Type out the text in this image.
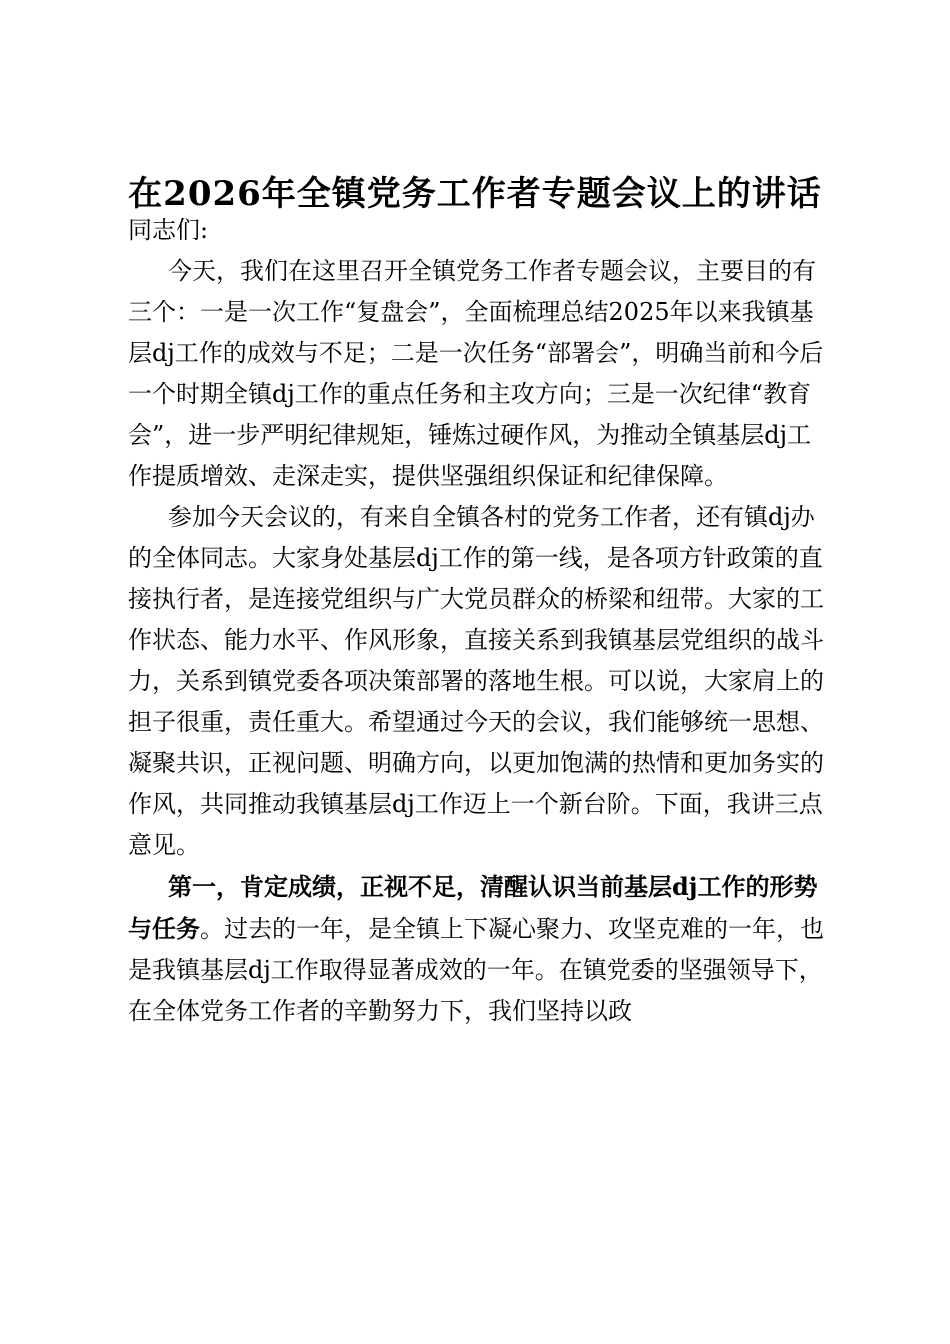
在2026年全镇党务工作者专题会议上的讲话

同志们:

今天，我们在这里召开全镇党务工作者专题会议，主要目的有三个：一是一次工作“复盘会”，全面梳理总结2025年以来我镇基层dj工作的成效与不足；二是一次任务“部署会”，明确当前和今后一个时期全镇dj工作的重点任务和主攻方向；三是一次纪律“教育会”，进一步严明纪律规矩，锤炼过硬作风，为推动全镇基层dj工作提质增效、走深走实，提供坚强组织保证和纪律保障。

参加今天会议的，有来自全镇各村的党务工作者，还有镇dj办的全体同志。大家身处基层dj工作的第一线，是各项方针政策的直接执行者，是连接党组织与广大党员群众的桥梁和纽带。大家的工作状态、能力水平、作风形象，直接关系到我镇基层党组织的战斗力，关系到镇党委各项决策部署的落地生根。可以说，大家肩上的担子很重，责任重大。希望通过今天的会议，我们能够统一思想、凝聚共识，正视问题、明确方向，以更加饱满的热情和更加务实的作风，共同推动我镇基层dj工作迈上一个新台阶。下面，我讲三点意见。

第一，肯定成绩，正视不足，清醒认识当前基层dj工作的形势与任务。过去的一年，是全镇上下凝心聚力、攻坚克难的一年，也是我镇基层dj工作取得显著成效的一年。在镇党委的坚强领导下，在全体党务工作者的辛勤努力下，我们坚持以政
